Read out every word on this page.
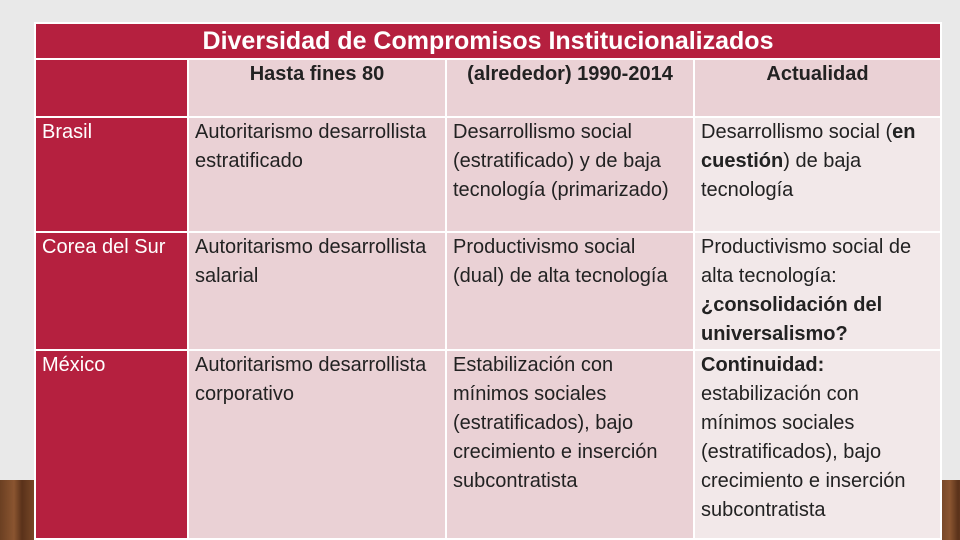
Diversidad de Compromisos Institucionalizados			
	Hasta fines 80	(alrededor) 1990-2014	Actualidad
Brasil	Autoritarismo desarrollista estratificado	Desarrollismo social (estratificado) y de baja tecnología (primarizado)	Desarrollismo social (en cuestión) de baja tecnología
Corea del Sur	Autoritarismo desarrollista salarial	Productivismo social (dual) de alta tecnología	Productivismo social de alta tecnología: ¿consolidación del universalismo?
México	Autoritarismo desarrollista corporativo	Estabilización con mínimos sociales (estratificados), bajo crecimiento e inserción subcontratista	Continuidad: estabilización con mínimos sociales (estratificados), bajo crecimiento e inserción subcontratista
